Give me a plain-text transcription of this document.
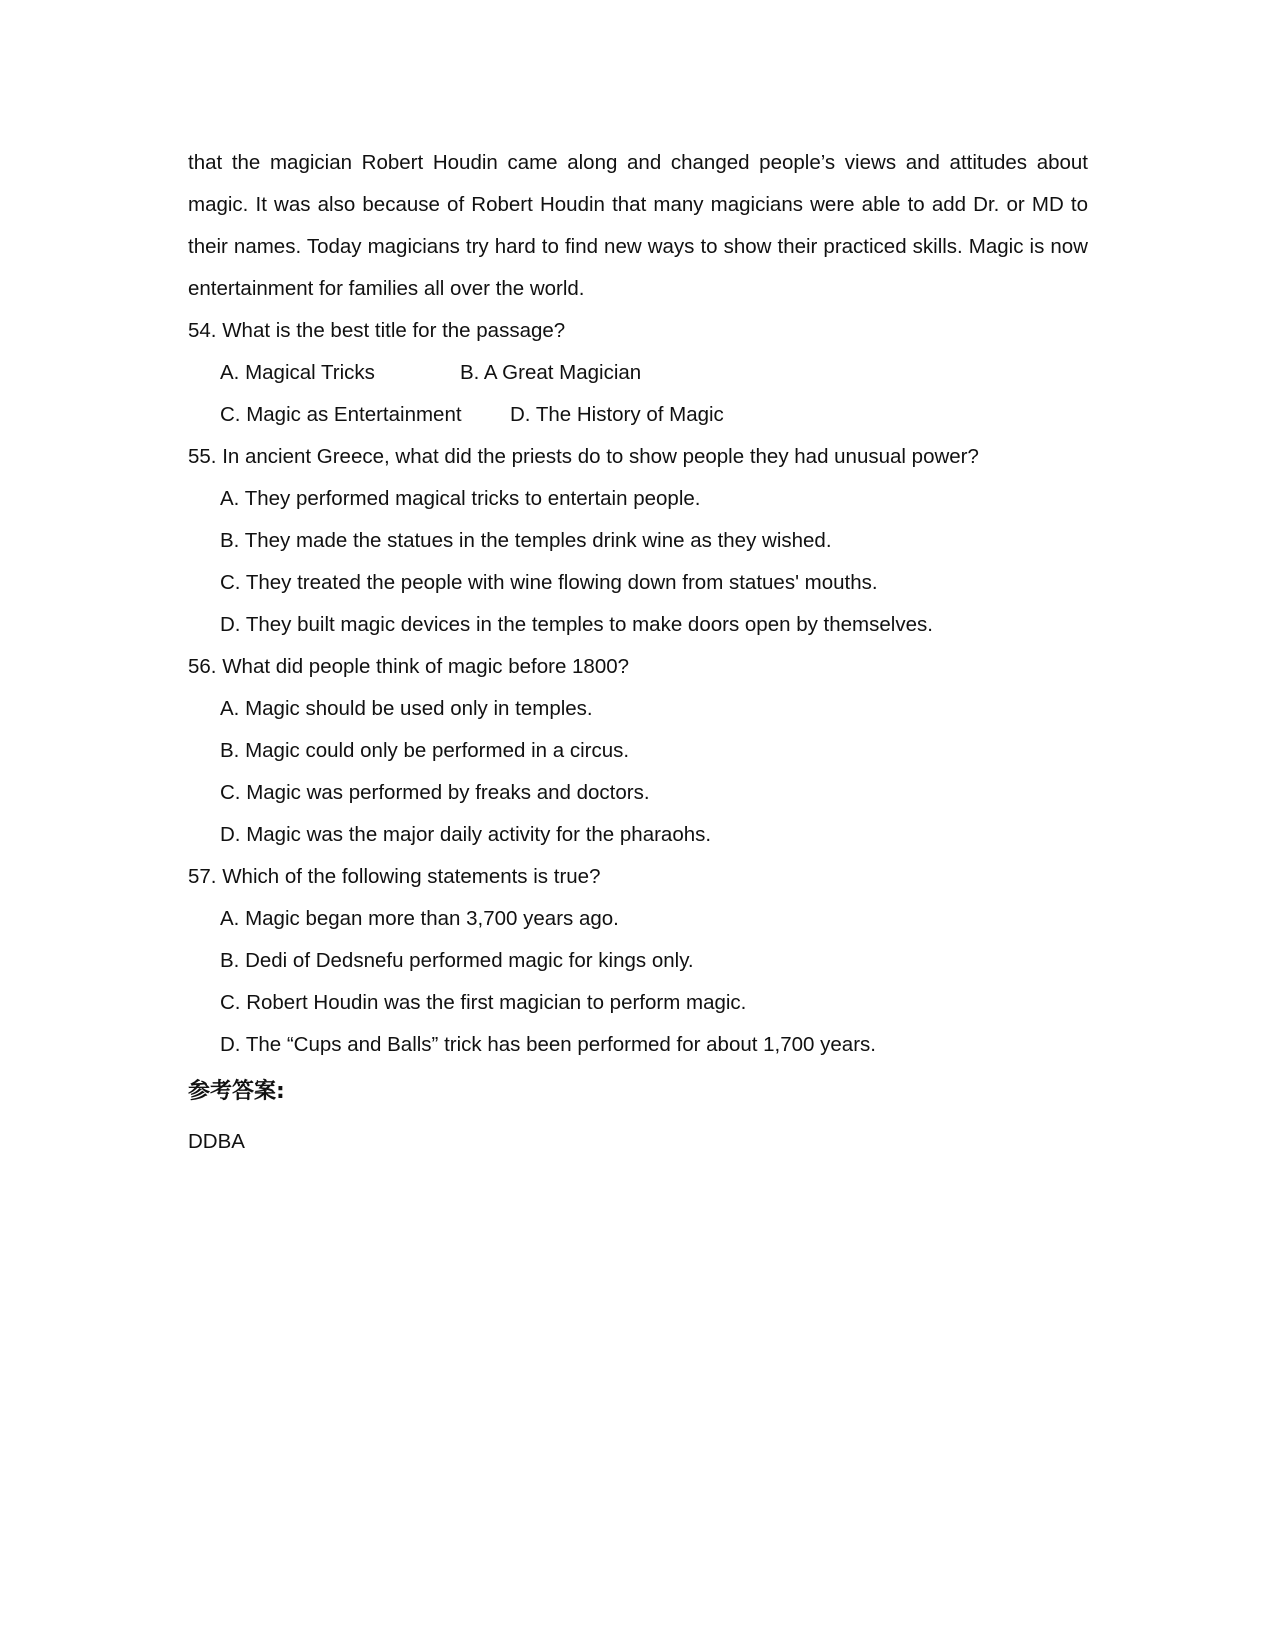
that the magician Robert Houdin came along and changed people’s views and attitudes about magic. It was also because of Robert Houdin that many magicians were able to add Dr. or MD to their names. Today magicians try hard to find new ways to show their practiced skills. Magic is now entertainment for families all over the world.

54. What is the best title for the passage?

A. Magical Tricks	B. A Great Magician
C. Magic as Entertainment	D. The History of Magic

55. In ancient Greece, what did the priests do to show people they had unusual power?

A. They performed magical tricks to entertain people.

B. They made the statues in the temples drink wine as they wished.

C. They treated the people with wine flowing down from statues' mouths.

D. They built magic devices in the temples to make doors open by themselves.

56. What did people think of magic before 1800?

A. Magic should be used only in temples.

B. Magic could only be performed in a circus.

C. Magic was performed by freaks and doctors.

D. Magic was the major daily activity for the pharaohs.

57. Which of the following statements is true?

A. Magic began more than 3,700 years ago.

B. Dedi of Dedsnefu performed magic for kings only.

C. Robert Houdin was the first magician to perform magic.

D. The “Cups and Balls” trick has been performed for about 1,700 years.

参考答案:

DDBA
